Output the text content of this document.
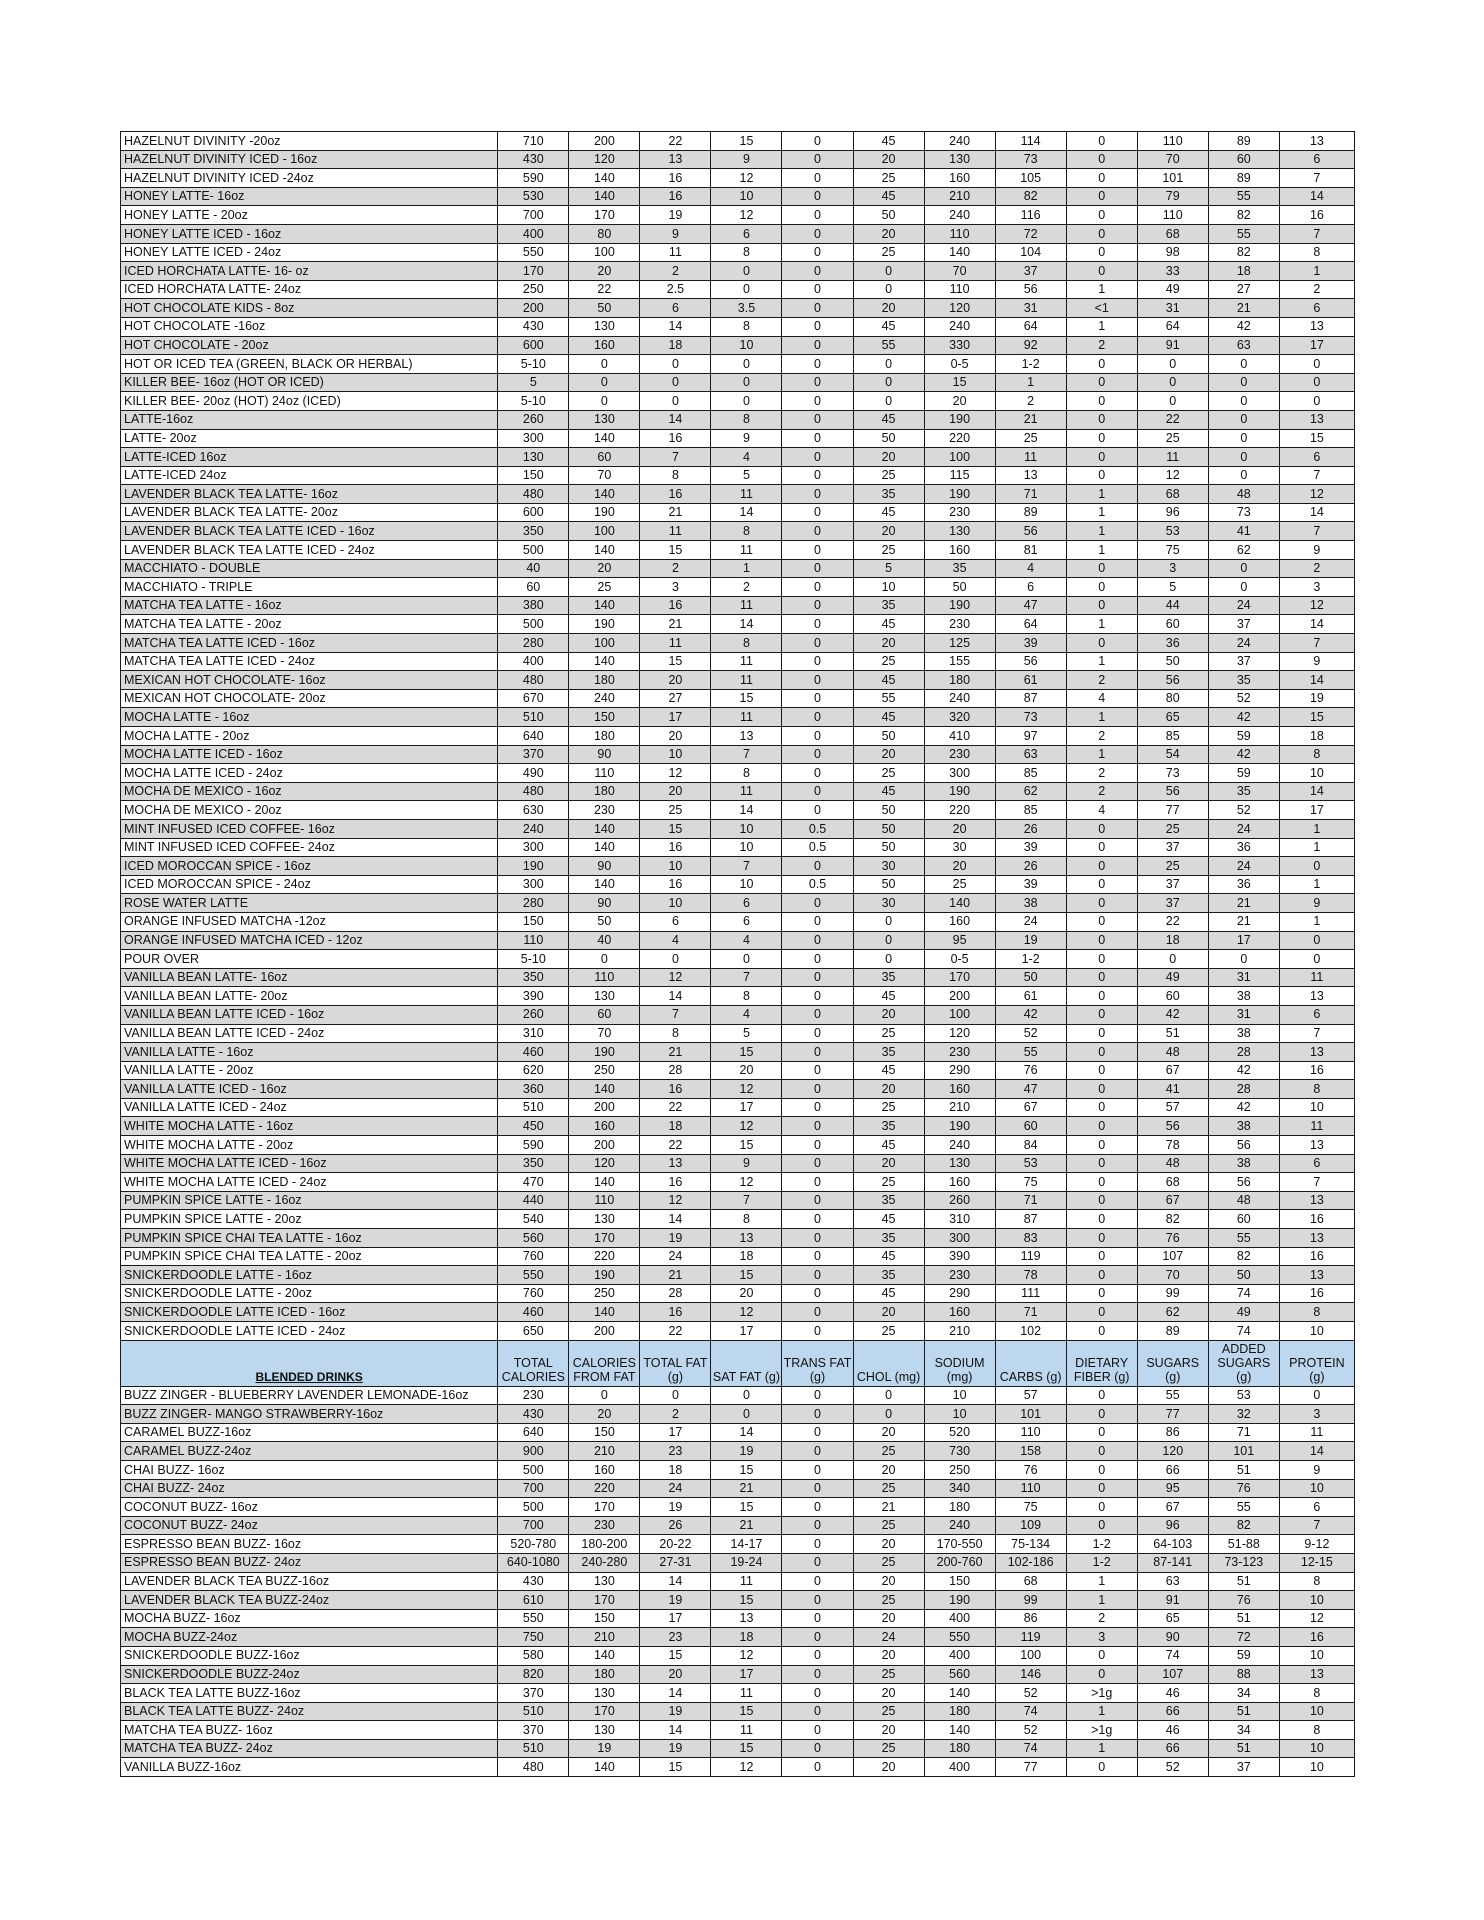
HAZELNUT DIVINITY -20oz	710	200	22	15	0	45	240	114	0	110	89	13
HAZELNUT DIVINITY ICED - 16oz	430	120	13	9	0	20	130	73	0	70	60	6
HAZELNUT DIVINITY ICED -24oz	590	140	16	12	0	25	160	105	0	101	89	7
HONEY LATTE- 16oz	530	140	16	10	0	45	210	82	0	79	55	14
HONEY LATTE - 20oz	700	170	19	12	0	50	240	116	0	110	82	16
HONEY LATTE ICED - 16oz	400	80	9	6	0	20	110	72	0	68	55	7
HONEY LATTE ICED - 24oz	550	100	11	8	0	25	140	104	0	98	82	8
ICED HORCHATA LATTE- 16- oz	170	20	2	0	0	0	70	37	0	33	18	1
ICED HORCHATA LATTE- 24oz	250	22	2.5	0	0	0	110	56	1	49	27	2
HOT CHOCOLATE KIDS - 8oz	200	50	6	3.5	0	20	120	31	<1	31	21	6
HOT CHOCOLATE -16oz	430	130	14	8	0	45	240	64	1	64	42	13
HOT CHOCOLATE - 20oz	600	160	18	10	0	55	330	92	2	91	63	17
HOT OR ICED TEA (GREEN, BLACK OR HERBAL)	5-10	0	0	0	0	0	0-5	1-2	0	0	0	0
KILLER BEE- 16oz (HOT OR ICED)	5	0	0	0	0	0	15	1	0	0	0	0
KILLER BEE- 20oz (HOT) 24oz (ICED)	5-10	0	0	0	0	0	20	2	0	0	0	0
LATTE-16oz	260	130	14	8	0	45	190	21	0	22	0	13
LATTE- 20oz	300	140	16	9	0	50	220	25	0	25	0	15
LATTE-ICED 16oz	130	60	7	4	0	20	100	11	0	11	0	6
LATTE-ICED 24oz	150	70	8	5	0	25	115	13	0	12	0	7
LAVENDER BLACK TEA LATTE- 16oz	480	140	16	11	0	35	190	71	1	68	48	12
LAVENDER BLACK TEA LATTE- 20oz	600	190	21	14	0	45	230	89	1	96	73	14
LAVENDER BLACK TEA LATTE ICED - 16oz	350	100	11	8	0	20	130	56	1	53	41	7
LAVENDER BLACK TEA LATTE ICED - 24oz	500	140	15	11	0	25	160	81	1	75	62	9
MACCHIATO - DOUBLE	40	20	2	1	0	5	35	4	0	3	0	2
MACCHIATO - TRIPLE	60	25	3	2	0	10	50	6	0	5	0	3
MATCHA TEA LATTE - 16oz	380	140	16	11	0	35	190	47	0	44	24	12
MATCHA TEA LATTE - 20oz	500	190	21	14	0	45	230	64	1	60	37	14
MATCHA TEA LATTE ICED - 16oz	280	100	11	8	0	20	125	39	0	36	24	7
MATCHA TEA LATTE ICED - 24oz	400	140	15	11	0	25	155	56	1	50	37	9
MEXICAN HOT CHOCOLATE- 16oz	480	180	20	11	0	45	180	61	2	56	35	14
MEXICAN HOT CHOCOLATE- 20oz	670	240	27	15	0	55	240	87	4	80	52	19
MOCHA LATTE - 16oz	510	150	17	11	0	45	320	73	1	65	42	15
MOCHA LATTE - 20oz	640	180	20	13	0	50	410	97	2	85	59	18
MOCHA LATTE ICED - 16oz	370	90	10	7	0	20	230	63	1	54	42	8
MOCHA LATTE ICED - 24oz	490	110	12	8	0	25	300	85	2	73	59	10
MOCHA DE MEXICO - 16oz	480	180	20	11	0	45	190	62	2	56	35	14
MOCHA DE MEXICO - 20oz	630	230	25	14	0	50	220	85	4	77	52	17
MINT INFUSED ICED COFFEE- 16oz	240	140	15	10	0.5	50	20	26	0	25	24	1
MINT INFUSED ICED COFFEE- 24oz	300	140	16	10	0.5	50	30	39	0	37	36	1
ICED MOROCCAN SPICE - 16oz	190	90	10	7	0	30	20	26	0	25	24	0
ICED MOROCCAN SPICE - 24oz	300	140	16	10	0.5	50	25	39	0	37	36	1
ROSE WATER LATTE	280	90	10	6	0	30	140	38	0	37	21	9
ORANGE INFUSED MATCHA -12oz	150	50	6	6	0	0	160	24	0	22	21	1
ORANGE INFUSED MATCHA ICED - 12oz	110	40	4	4	0	0	95	19	0	18	17	0
POUR OVER	5-10	0	0	0	0	0	0-5	1-2	0	0	0	0
VANILLA BEAN LATTE- 16oz	350	110	12	7	0	35	170	50	0	49	31	11
VANILLA BEAN LATTE- 20oz	390	130	14	8	0	45	200	61	0	60	38	13
VANILLA BEAN LATTE ICED - 16oz	260	60	7	4	0	20	100	42	0	42	31	6
VANILLA BEAN LATTE ICED - 24oz	310	70	8	5	0	25	120	52	0	51	38	7
VANILLA LATTE - 16oz	460	190	21	15	0	35	230	55	0	48	28	13
VANILLA LATTE - 20oz	620	250	28	20	0	45	290	76	0	67	42	16
VANILLA LATTE ICED - 16oz	360	140	16	12	0	20	160	47	0	41	28	8
VANILLA LATTE ICED - 24oz	510	200	22	17	0	25	210	67	0	57	42	10
WHITE MOCHA LATTE - 16oz	450	160	18	12	0	35	190	60	0	56	38	11
WHITE MOCHA LATTE - 20oz	590	200	22	15	0	45	240	84	0	78	56	13
WHITE MOCHA LATTE ICED - 16oz	350	120	13	9	0	20	130	53	0	48	38	6
WHITE MOCHA LATTE ICED - 24oz	470	140	16	12	0	25	160	75	0	68	56	7
PUMPKIN SPICE LATTE - 16oz	440	110	12	7	0	35	260	71	0	67	48	13
PUMPKIN SPICE LATTE - 20oz	540	130	14	8	0	45	310	87	0	82	60	16
PUMPKIN SPICE CHAI TEA LATTE - 16oz	560	170	19	13	0	35	300	83	0	76	55	13
PUMPKIN SPICE CHAI TEA LATTE - 20oz	760	220	24	18	0	45	390	119	0	107	82	16
SNICKERDOODLE LATTE - 16oz	550	190	21	15	0	35	230	78	0	70	50	13
SNICKERDOODLE LATTE - 20oz	760	250	28	20	0	45	290	111	0	99	74	16
SNICKERDOODLE LATTE ICED - 16oz	460	140	16	12	0	20	160	71	0	62	49	8
SNICKERDOODLE LATTE ICED - 24oz	650	200	22	17	0	25	210	102	0	89	74	10
BLENDED DRINKS	TOTAL CALORIES	CALORIES FROM FAT	TOTAL FAT (g)	SAT FAT (g)	TRANS FAT (g)	CHOL (mg)	SODIUM (mg)	CARBS (g)	DIETARY FIBER (g)	SUGARS (g)	ADDED SUGARS (g)	PROTEIN (g)
BUZZ ZINGER - BLUEBERRY LAVENDER LEMONADE-16oz	230	0	0	0	0	0	10	57	0	55	53	0
BUZZ ZINGER- MANGO STRAWBERRY-16oz	430	20	2	0	0	0	10	101	0	77	32	3
CARAMEL BUZZ-16oz	640	150	17	14	0	20	520	110	0	86	71	11
CARAMEL BUZZ-24oz	900	210	23	19	0	25	730	158	0	120	101	14
CHAI BUZZ- 16oz	500	160	18	15	0	20	250	76	0	66	51	9
CHAI BUZZ- 24oz	700	220	24	21	0	25	340	110	0	95	76	10
COCONUT BUZZ- 16oz	500	170	19	15	0	21	180	75	0	67	55	6
COCONUT BUZZ- 24oz	700	230	26	21	0	25	240	109	0	96	82	7
ESPRESSO BEAN BUZZ- 16oz	520-780	180-200	20-22	14-17	0	20	170-550	75-134	1-2	64-103	51-88	9-12
ESPRESSO BEAN BUZZ- 24oz	640-1080	240-280	27-31	19-24	0	25	200-760	102-186	1-2	87-141	73-123	12-15
LAVENDER BLACK TEA BUZZ-16oz	430	130	14	11	0	20	150	68	1	63	51	8
LAVENDER BLACK TEA BUZZ-24oz	610	170	19	15	0	25	190	99	1	91	76	10
MOCHA BUZZ- 16oz	550	150	17	13	0	20	400	86	2	65	51	12
MOCHA BUZZ-24oz	750	210	23	18	0	24	550	119	3	90	72	16
SNICKERDOODLE BUZZ-16oz	580	140	15	12	0	20	400	100	0	74	59	10
SNICKERDOODLE BUZZ-24oz	820	180	20	17	0	25	560	146	0	107	88	13
BLACK TEA LATTE BUZZ-16oz	370	130	14	11	0	20	140	52	>1g	46	34	8
BLACK TEA LATTE BUZZ- 24oz	510	170	19	15	0	25	180	74	1	66	51	10
MATCHA TEA BUZZ- 16oz	370	130	14	11	0	20	140	52	>1g	46	34	8
MATCHA TEA BUZZ- 24oz	510	19	19	15	0	25	180	74	1	66	51	10
VANILLA BUZZ-16oz	480	140	15	12	0	20	400	77	0	52	37	10
